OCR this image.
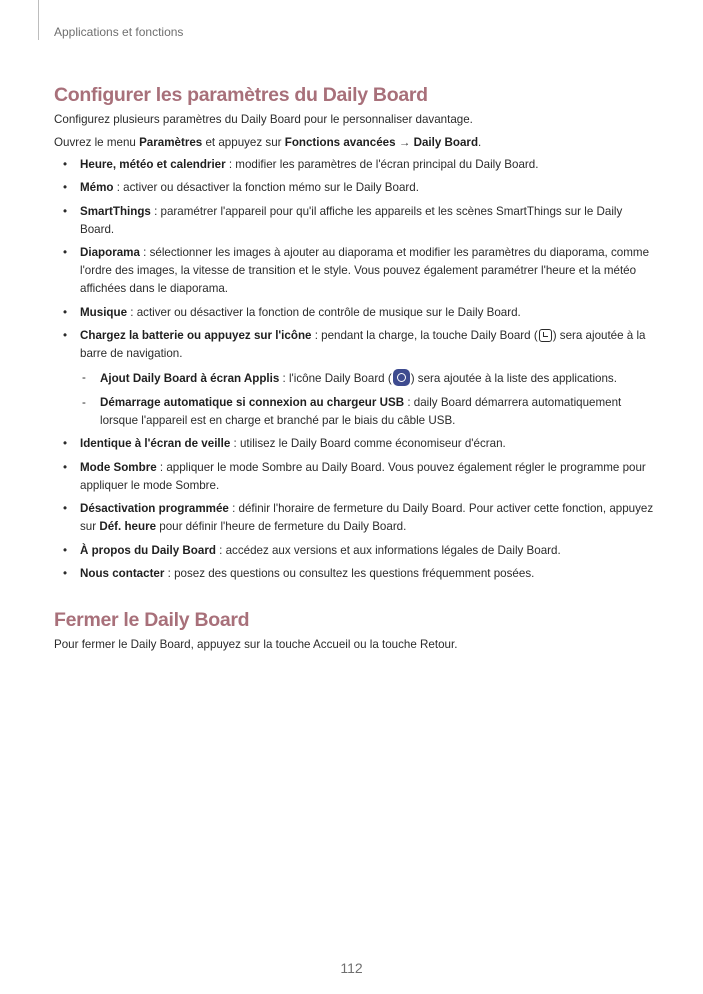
Applications et fonctions
Configurer les paramètres du Daily Board

Configurez plusieurs paramètres du Daily Board pour le personnaliser davantage.

Ouvrez le menu Paramètres et appuyez sur Fonctions avancées → Daily Board.

• Heure, météo et calendrier : modifier les paramètres de l'écran principal du Daily Board.
• Mémo : activer ou désactiver la fonction mémo sur le Daily Board.
• SmartThings : paramétrer l'appareil pour qu'il affiche les appareils et les scènes SmartThings sur le Daily Board.
• Diaporama : sélectionner les images à ajouter au diaporama et modifier les paramètres du diaporama, comme l'ordre des images, la vitesse de transition et le style. Vous pouvez également paramétrer l'heure et la météo affichées dans le diaporama.
• Musique : activer ou désactiver la fonction de contrôle de musique sur le Daily Board.
• Chargez la batterie ou appuyez sur l'icône : pendant la charge, la touche Daily Board ( ) sera ajoutée à la barre de navigation.
- Ajout Daily Board à écran Applis : l'icône Daily Board ( ) sera ajoutée à la liste des applications.
- Démarrage automatique si connexion au chargeur USB : daily Board démarrera automatiquement lorsque l'appareil est en charge et branché par le biais du câble USB.
• Identique à l'écran de veille : utilisez le Daily Board comme économiseur d'écran.
• Mode Sombre : appliquer le mode Sombre au Daily Board. Vous pouvez également régler le programme pour appliquer le mode Sombre.
• Désactivation programmée : définir l'horaire de fermeture du Daily Board. Pour activer cette fonction, appuyez sur Déf. heure pour définir l'heure de fermeture du Daily Board.
• À propos du Daily Board : accédez aux versions et aux informations légales de Daily Board.
• Nous contacter : posez des questions ou consultez les questions fréquemment posées.
Fermer le Daily Board

Pour fermer le Daily Board, appuyez sur la touche Accueil ou la touche Retour.

112
